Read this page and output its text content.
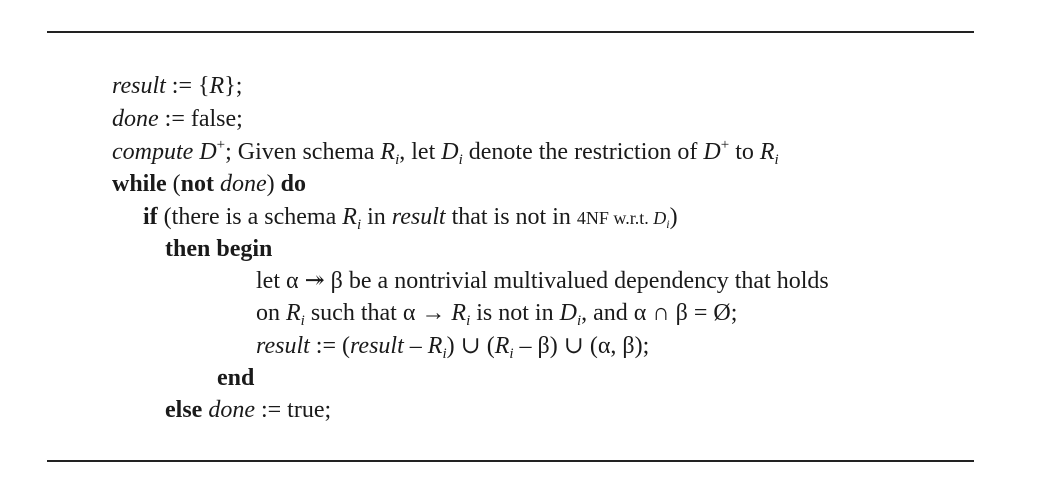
result := {R};
done := false;
compute D+; Given schema $R_i$, let $D_i$ denote the restriction of D+ to $R_i$
while (not done) do
if (there is a schema $R_i$ in result that is not in 4NF w.r.t. $D_i$)
then begin
let α ↠ β be a nontrivial multivalued dependency that holds
on $R_i$ such that $\alpha \to R_i$ is not in $D_i$, and α ∩ β = Ø;
result := (result – $R_i$) ∪ $(R_i - \beta)$ ∪ (α, β);
end
else done := true;
